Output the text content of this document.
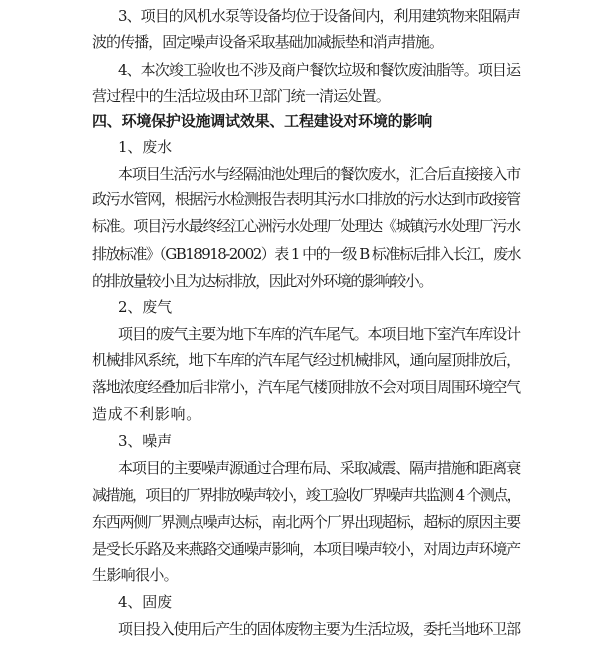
3、项目的风机水泵等设备均位于设备间内，利用建筑物来阻隔声
波的传播，固定噪声设备采取基础加减振垫和消声措施。
4、本次竣工验收也不涉及商户餐饮垃圾和餐饮废油脂等。项目运
营过程中的生活垃圾由环卫部门统一清运处置。
四、环境保护设施调试效果、工程建设对环境的影响
1、废水
本项目生活污水与经隔油池处理后的餐饮废水，汇合后直接接入市
政污水管网，根据污水检测报告表明其污水口排放的污水达到市政接管
标准。项目污水最终经江心洲污水处理厂处理达《城镇污水处理厂污水
排放标准》（GB18918-2002）表 1 中的一级 B 标准标后排入长江，废水
的排放量较小且为达标排放，因此对外环境的影响较小。
2、废气
项目的废气主要为地下车库的汽车尾气。本项目地下室汽车库设计
机械排风系统，地下车库的汽车尾气经过机械排风，通向屋顶排放后，
落地浓度经叠加后非常小，汽车尾气楼顶排放不会对项目周围环境空气
造成不利影响。
3、噪声
本项目的主要噪声源通过合理布局、采取减震、隔声措施和距离衰
减措施，项目的厂界排放噪声较小，竣工验收厂界噪声共监测 4 个测点，
东西两侧厂界测点噪声达标，南北两个厂界出现超标，超标的原因主要
是受长乐路及来燕路交通噪声影响，本项目噪声较小，对周边声环境产
生影响很小。
4、固废
项目投入使用后产生的固体废物主要为生活垃圾，委托当地环卫部
